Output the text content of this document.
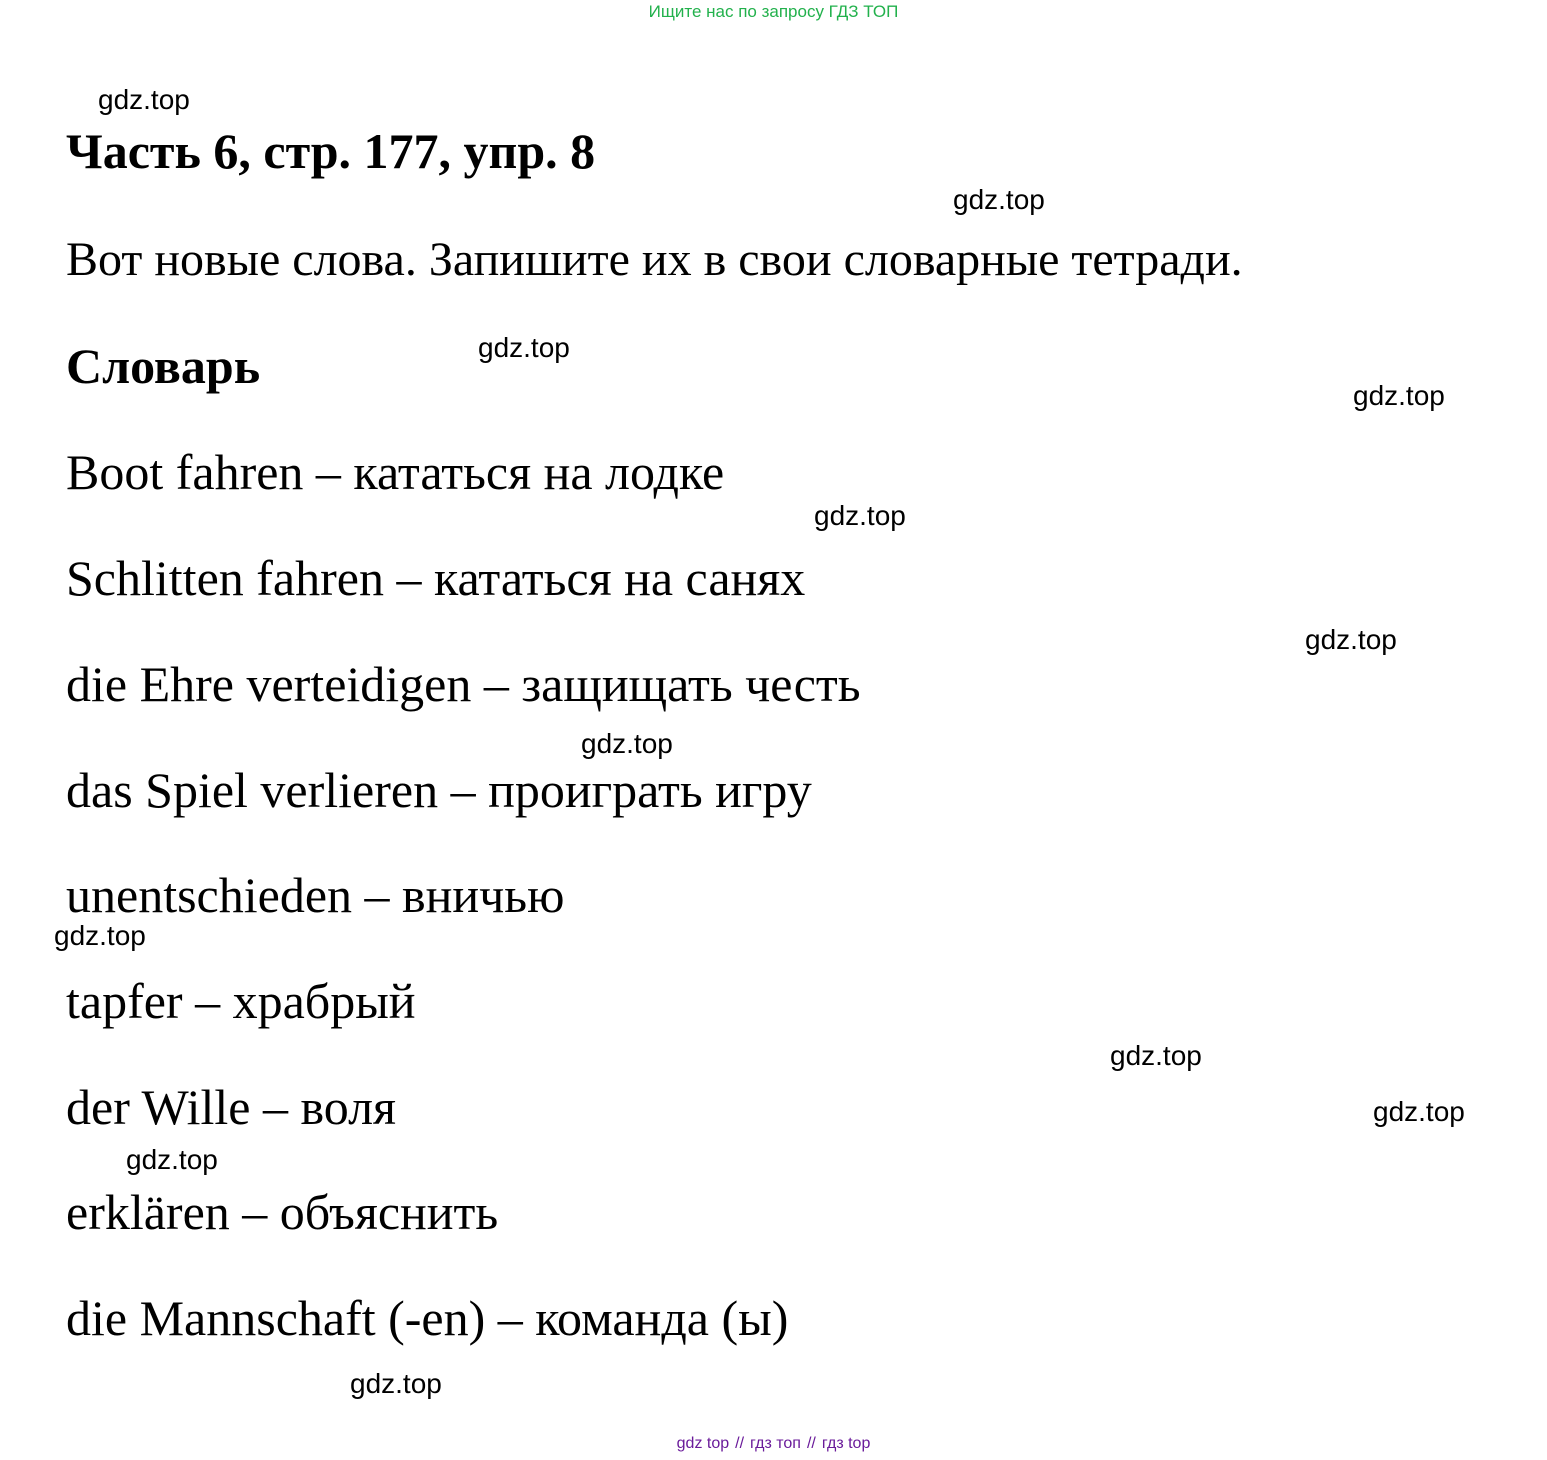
Ищите нас по запросу ГДЗ ТОП
gdz.top
Часть 6, стр. 177, упр. 8
gdz.top
Вот новые слова. Запишите их в свои словарные тетради.
Словарь	gdz.top
gdz.top
Boot fahren – кататься на лодке
gdz.top
Schlitten fahren – кататься на санях
gdz.top
die Ehre verteidigen – защищать честь
gdz.top
das Spiel verlieren – проиграть игру
unentschieden – вничью
gdz.top
tapfer – храбрый
gdz.top
der Wille – воля	gdz.top
gdz.top
erklären – объяснить
die Mannschaft (-en) – команда (ы)
gdz.top
gdz top // гдз топ // гдз top
